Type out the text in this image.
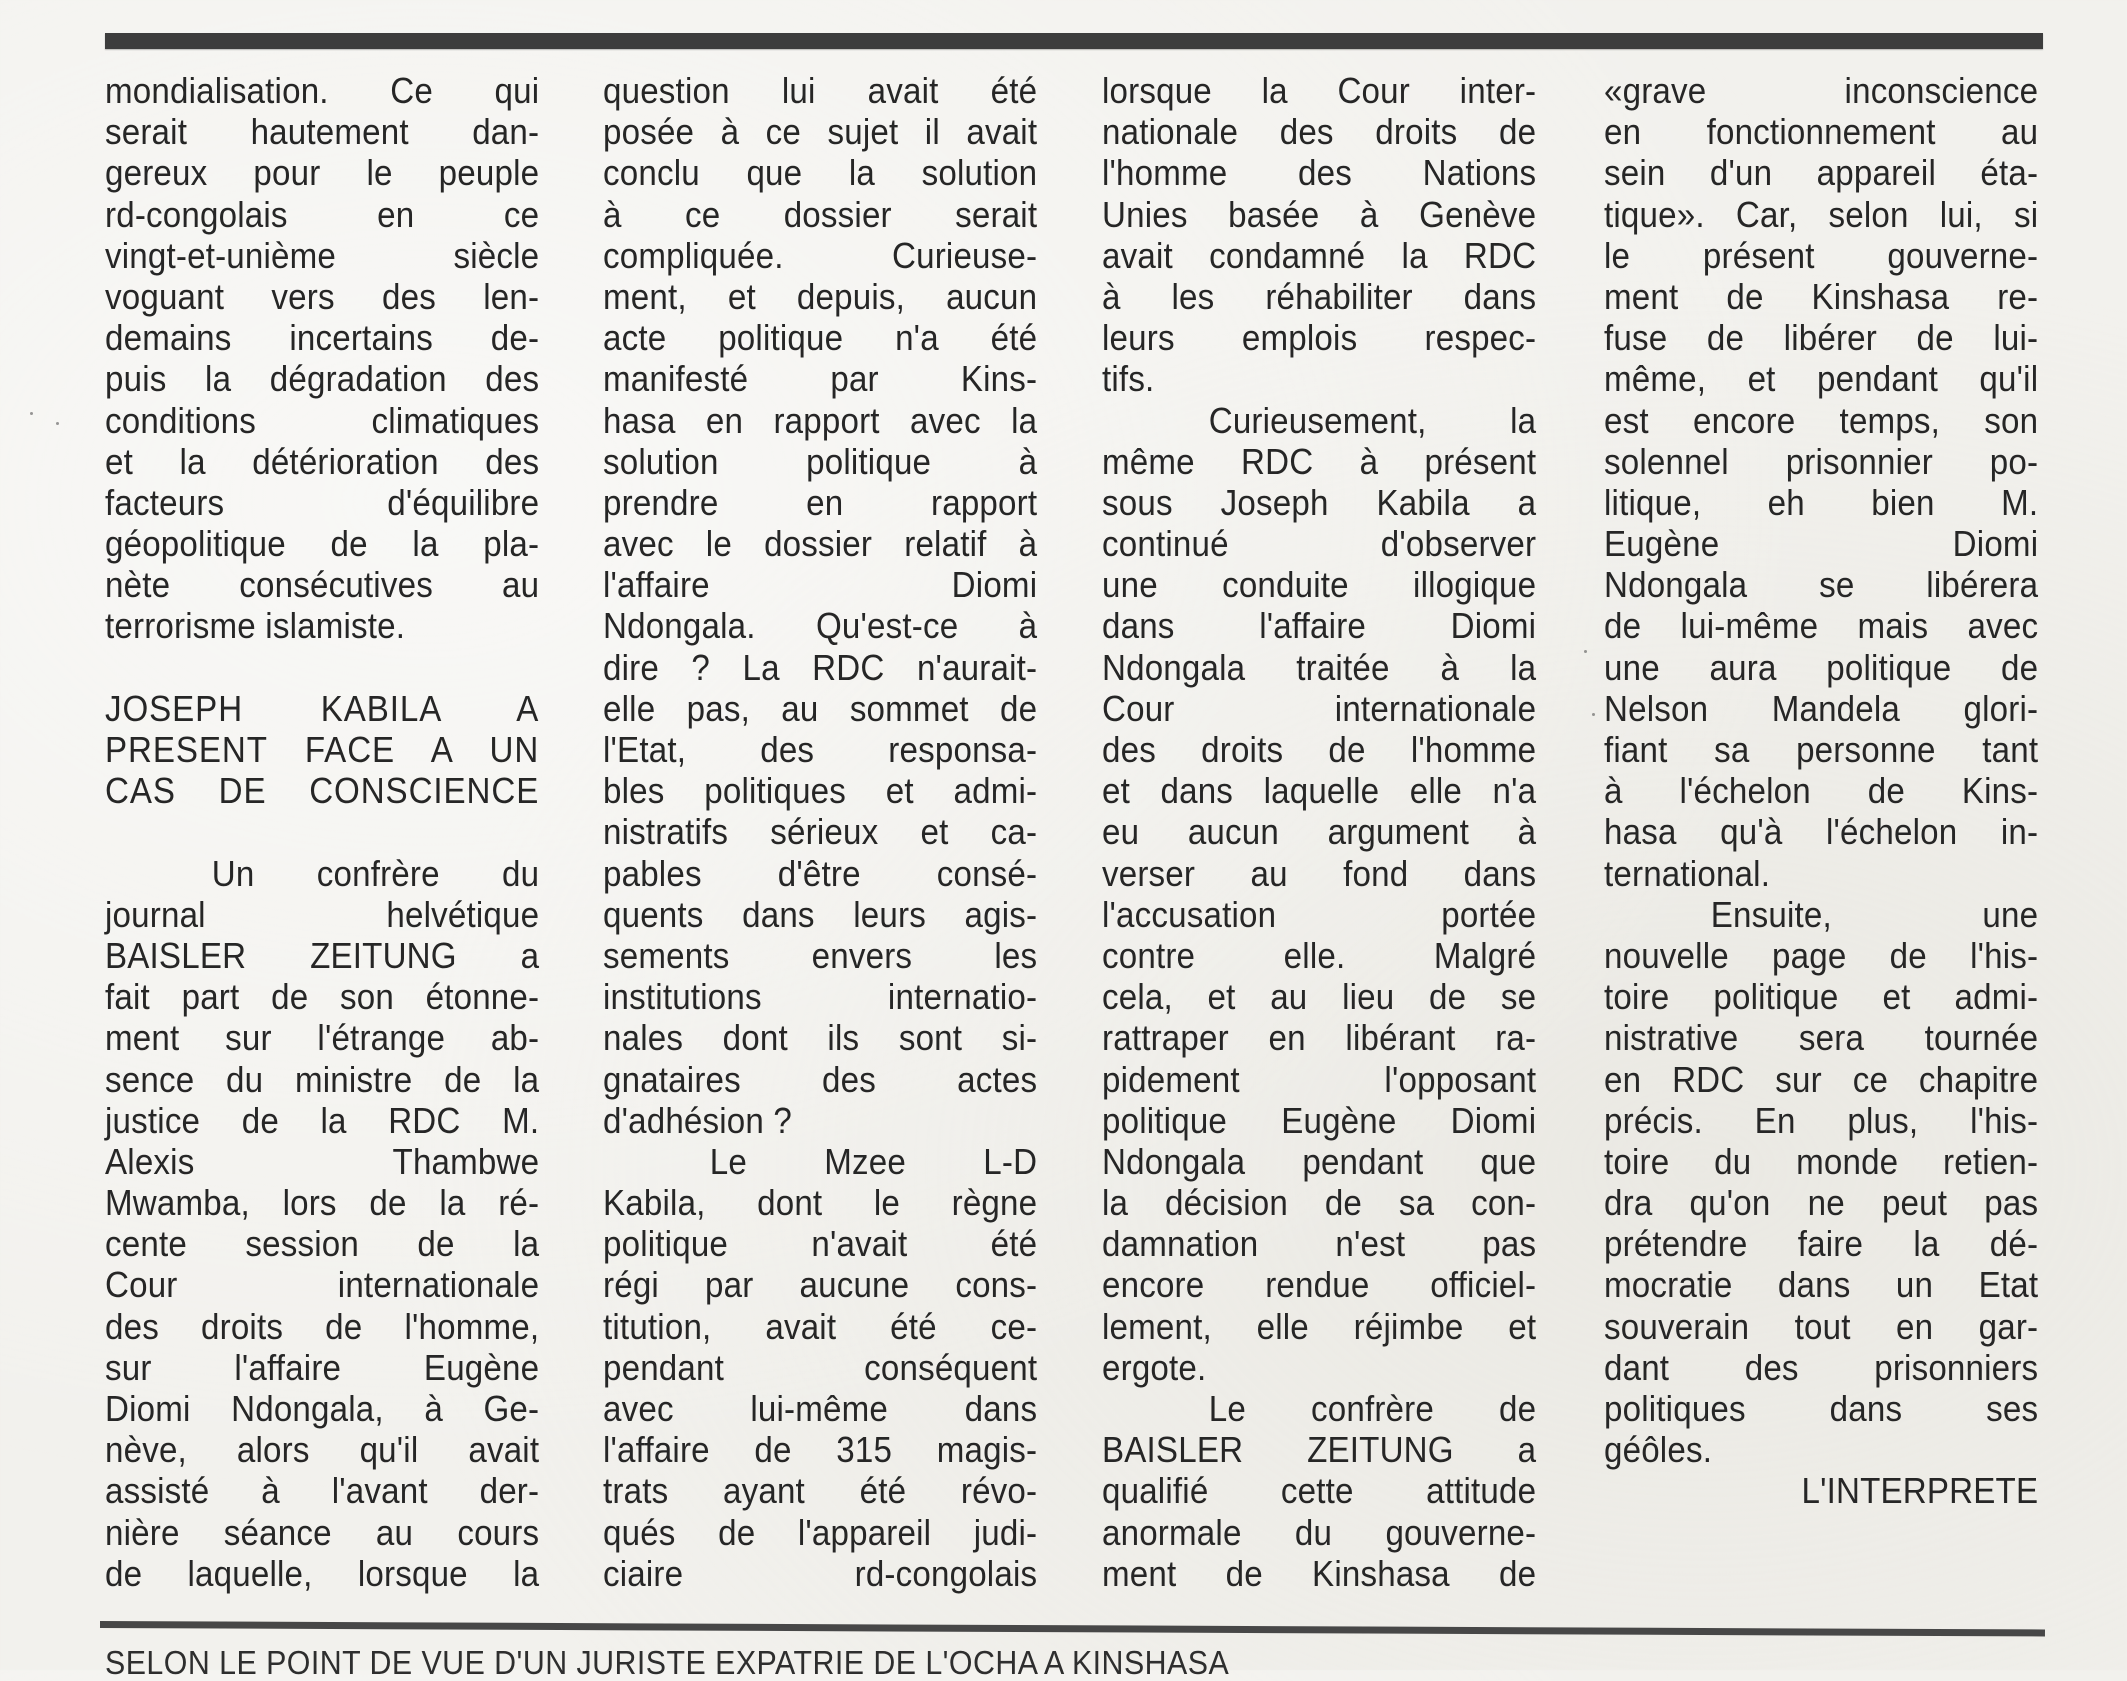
mondialisation. Ce qui
serait hautement dan-
gereux pour le peuple
rd-congolais en ce
vingt-et-unième siècle
voguant vers des len-
demains incertains de-
puis la dégradation des
conditions climatiques
et la détérioration des
facteurs d'équilibre
géopolitique de la pla-
nète consécutives au
terrorisme islamiste.
JOSEPH KABILA A
PRESENT FACE A UN
CAS DE CONSCIENCE
Un confrère du
journal helvétique
BAISLER ZEITUNG a
fait part de son étonne-
ment sur l'étrange ab-
sence du ministre de la
justice de la RDC M.
Alexis Thambwe
Mwamba, lors de la ré-
cente session de la
Cour internationale
des droits de l'homme,
sur l'affaire Eugène
Diomi Ndongala, à Ge-
nève, alors qu'il avait
assisté à l'avant der-
nière séance au cours
de laquelle, lorsque la
question lui avait été
posée à ce sujet il avait
conclu que la solution
à ce dossier serait
compliquée. Curieuse-
ment, et depuis, aucun
acte politique n'a été
manifesté par Kins-
hasa en rapport avec la
solution politique à
prendre en rapport
avec le dossier relatif à
l'affaire Diomi
Ndongala. Qu'est-ce à
dire ? La RDC n'aurait-
elle pas, au sommet de
l'Etat, des responsa-
bles politiques et admi-
nistratifs sérieux et ca-
pables d'être consé-
quents dans leurs agis-
sements envers les
institutions internatio-
nales dont ils sont si-
gnataires des actes
d'adhésion ?
Le Mzee L-D
Kabila, dont le règne
politique n'avait été
régi par aucune cons-
titution, avait été ce-
pendant conséquent
avec lui-même dans
l'affaire de 315 magis-
trats ayant été révo-
qués de l'appareil judi-
ciaire rd-congolais
lorsque la Cour inter-
nationale des droits de
l'homme des Nations
Unies basée à Genève
avait condamné la RDC
à les réhabiliter dans
leurs emplois respec-
tifs.
Curieusement, la
même RDC à présent
sous Joseph Kabila a
continué d'observer
une conduite illogique
dans l'affaire Diomi
Ndongala traitée à la
Cour internationale
des droits de l'homme
et dans laquelle elle n'a
eu aucun argument à
verser au fond dans
l'accusation portée
contre elle. Malgré
cela, et au lieu de se
rattraper en libérant ra-
pidement l'opposant
politique Eugène Diomi
Ndongala pendant que
la décision de sa con-
damnation n'est pas
encore rendue officiel-
lement, elle réjimbe et
ergote.
Le confrère de
BAISLER ZEITUNG a
qualifié cette attitude
anormale du gouverne-
ment de Kinshasa de
«grave inconscience
en fonctionnement au
sein d'un appareil éta-
tique». Car, selon lui, si
le présent gouverne-
ment de Kinshasa re-
fuse de libérer de lui-
même, et pendant qu'il
est encore temps, son
solennel prisonnier po-
litique, eh bien M.
Eugène Diomi
Ndongala se libérera
de lui-même mais avec
une aura politique de
Nelson Mandela glori-
fiant sa personne tant
à l'échelon de Kins-
hasa qu'à l'échelon in-
ternational.
Ensuite, une
nouvelle page de l'his-
toire politique et admi-
nistrative sera tournée
en RDC sur ce chapitre
précis. En plus, l'his-
toire du monde retien-
dra qu'on ne peut pas
prétendre faire la dé-
mocratie dans un Etat
souverain tout en gar-
dant des prisonniers
politiques dans ses
géôles.
L'INTERPRETE
SELON LE POINT DE VUE D'UN JURISTE EXPATRIE DE L'OCHA A KINSHASA
